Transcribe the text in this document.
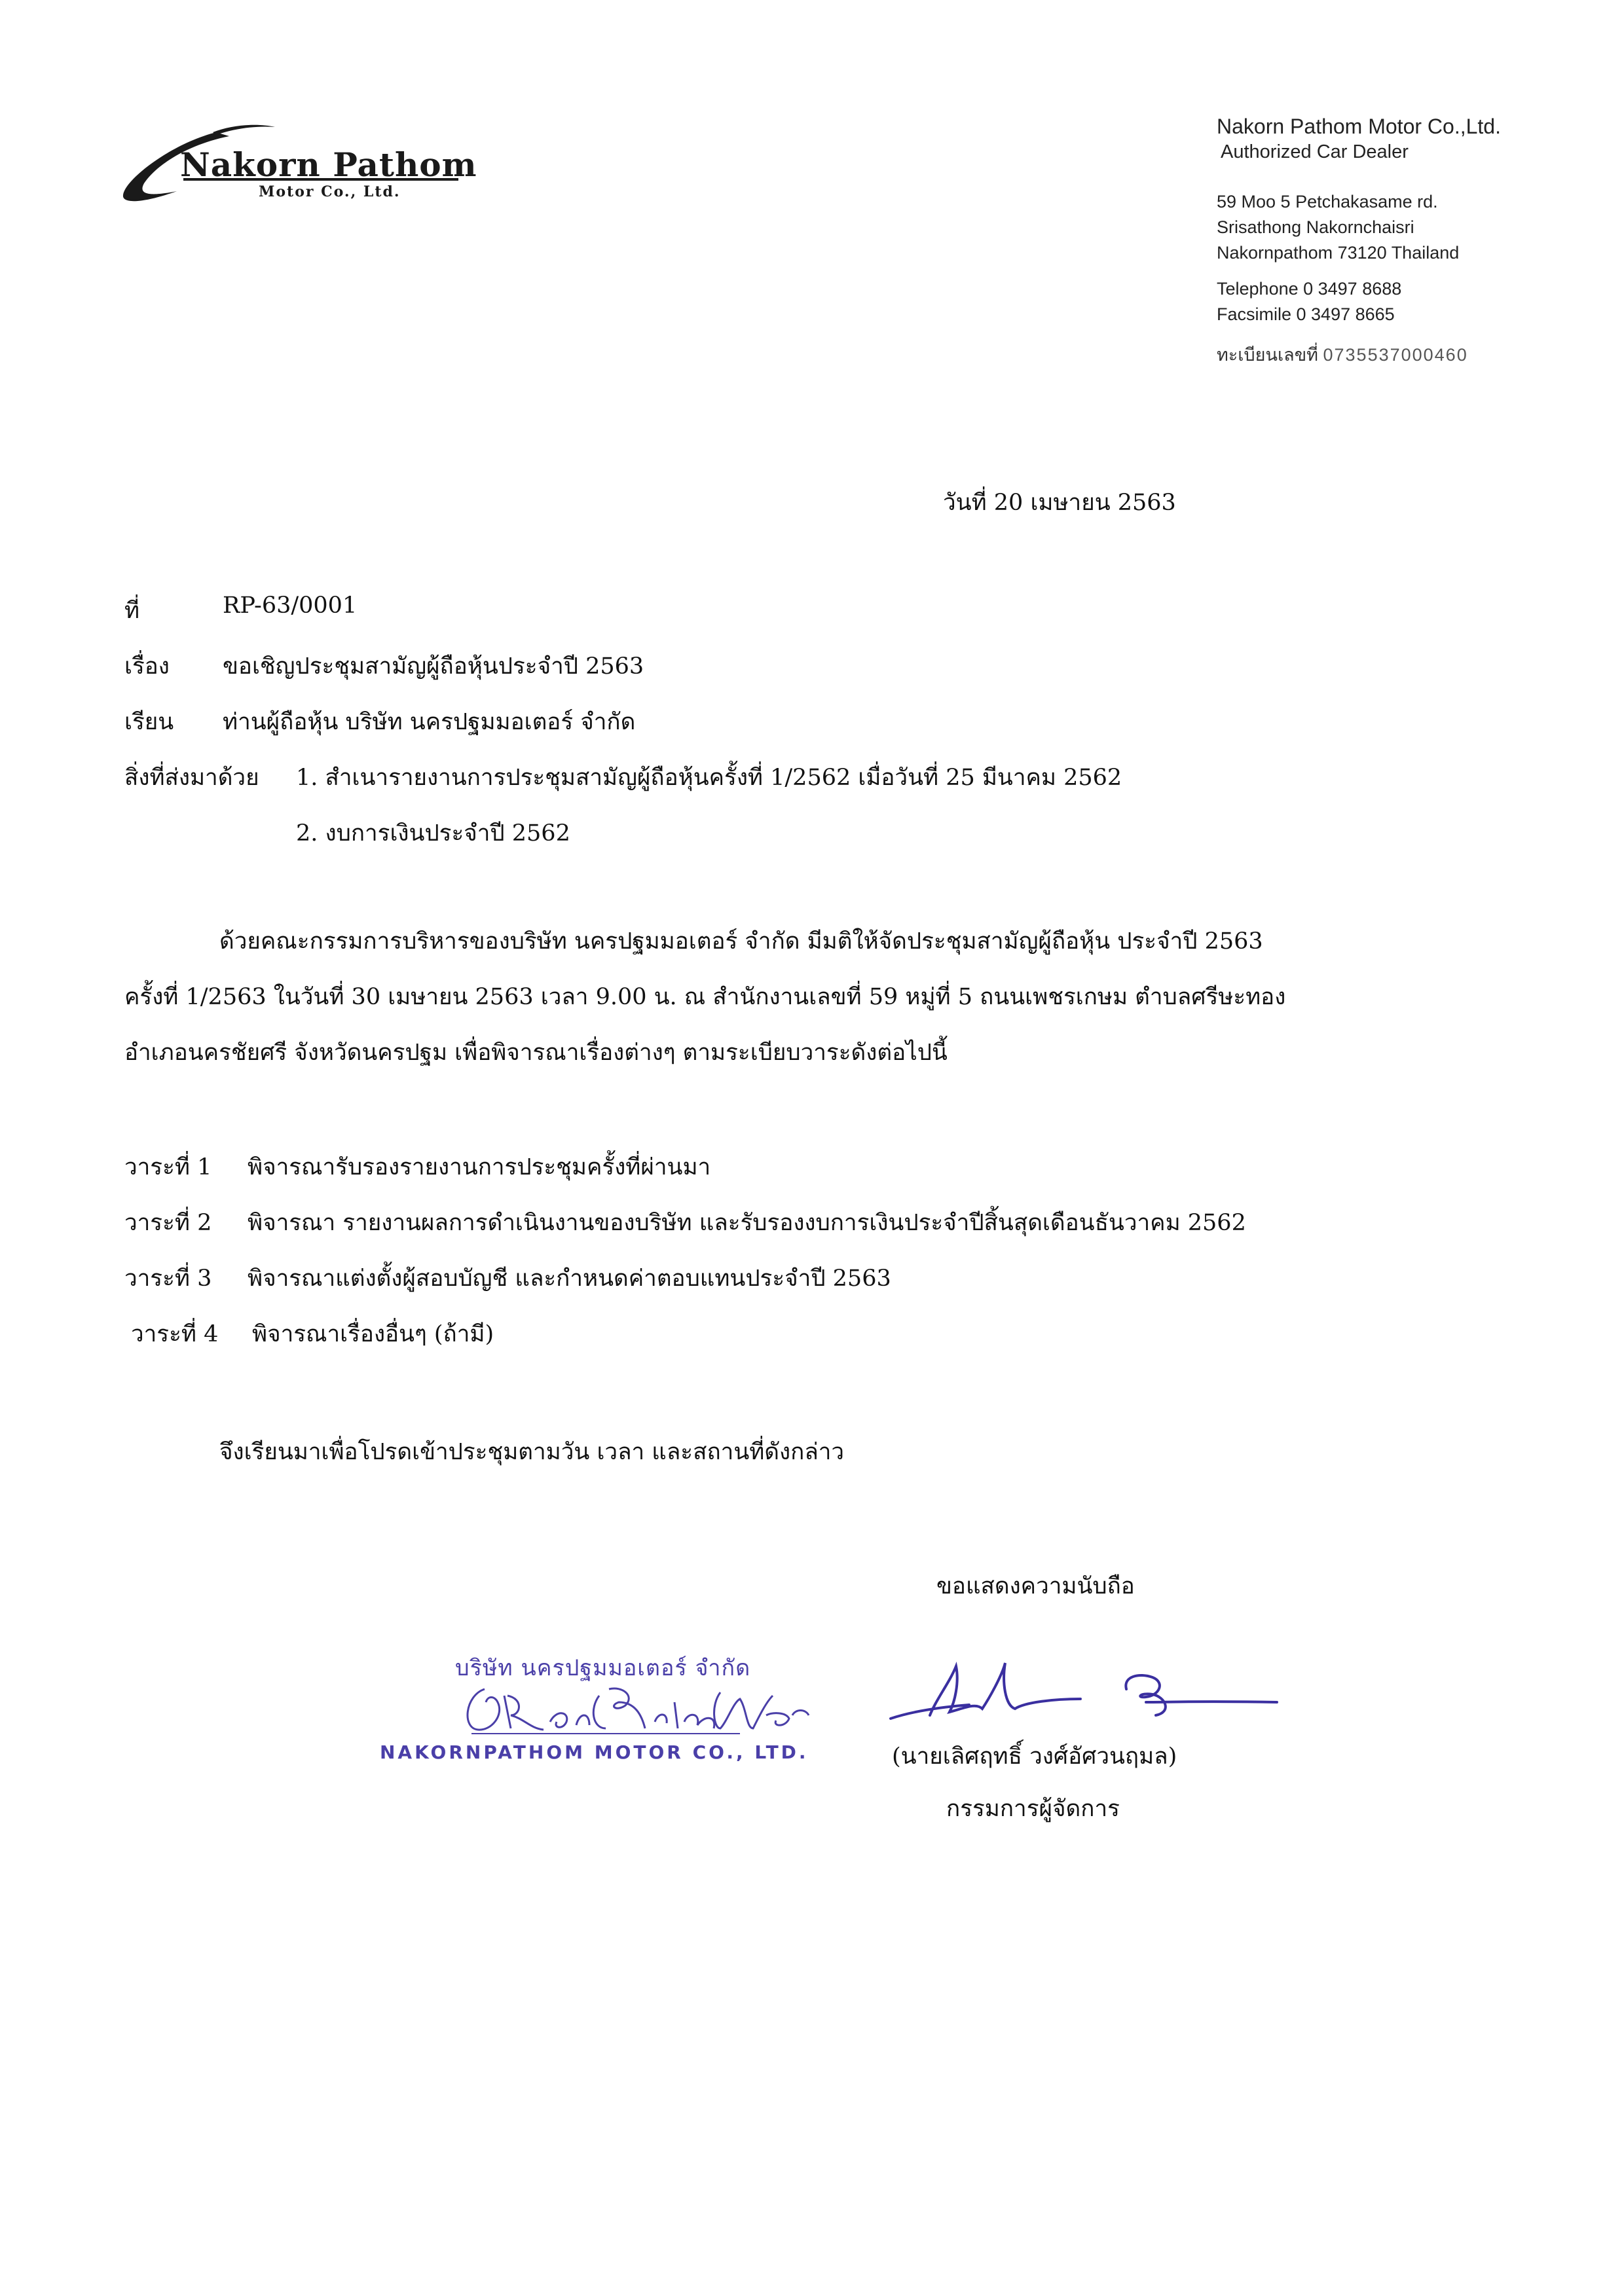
Nakorn Pathom
Motor Co., Ltd.
Nakorn Pathom Motor Co.,Ltd.
Authorized Car Dealer
59 Moo 5 Petchakasame rd.
Srisathong Nakornchaisri
Nakornpathom 73120 Thailand
Telephone 0 3497 8688
Facsimile 0 3497 8665
ทะเบียนเลขที่ 0735537000460
วันที่ 20 เมษายน 2563
ที่	RP-63/0001
เรื่อง ขอเชิญประชุมสามัญผู้ถือหุ้นประจำปี 2563
เรียน ท่านผู้ถือหุ้น บริษัท นครปฐมมอเตอร์ จำกัด
สิ่งที่ส่งมาด้วย 1. สำเนารายงานการประชุมสามัญผู้ถือหุ้นครั้งที่ 1/2562 เมื่อวันที่ 25 มีนาคม 2562
2. งบการเงินประจำปี 2562
ด้วยคณะกรรมการบริหารของบริษัท นครปฐมมอเตอร์ จำกัด มีมติให้จัดประชุมสามัญผู้ถือหุ้น ประจำปี 2563
ครั้งที่ 1/2563 ในวันที่ 30 เมษายน 2563 เวลา 9.00 น. ณ สำนักงานเลขที่ 59 หมู่ที่ 5 ถนนเพชรเกษม ตำบลศรีษะทอง
อำเภอนครชัยศรี จังหวัดนครปฐม เพื่อพิจารณาเรื่องต่างๆ ตามระเบียบวาระดังต่อไปนี้
วาระที่ 1 พิจารณารับรองรายงานการประชุมครั้งที่ผ่านมา
วาระที่ 2 พิจารณา รายงานผลการดำเนินงานของบริษัท และรับรองงบการเงินประจำปีสิ้นสุดเดือนธันวาคม 2562
วาระที่ 3 พิจารณาแต่งตั้งผู้สอบบัญชี และกำหนดค่าตอบแทนประจำปี 2563
วาระที่ 4 พิจารณาเรื่องอื่นๆ (ถ้ามี)
จึงเรียนมาเพื่อโปรดเข้าประชุมตามวัน เวลา และสถานที่ดังกล่าว
ขอแสดงความนับถือ
บริษัท นครปฐมมอเตอร์ จำกัด
NAKORNPATHOM MOTOR CO., LTD.	(นายเลิศฤทธิ์ วงศ์อัศวนฤมล)
กรรมการผู้จัดการ
